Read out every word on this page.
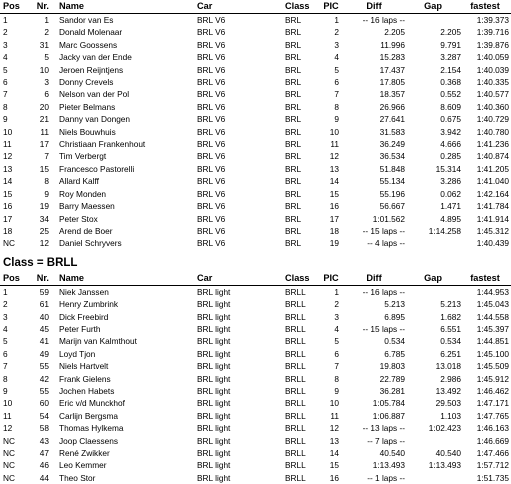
Pos	Nr.		Name	Car	Class	PIC	Diff	Gap	fastest
1	1		Sandor van Es	BRL V6	BRL	1	-- 16 laps --		1:39.373
2	2		Donald Molenaar	BRL V6	BRL	2	2.205	2.205	1:39.716
3	31		Marc Goossens	BRL V6	BRL	3	11.996	9.791	1:39.876
4	5		Jacky van der Ende	BRL V6	BRL	4	15.283	3.287	1:40.059
5	10		Jeroen Reijntjens	BRL V6	BRL	5	17.437	2.154	1:40.039
6	3		Donny Crevels	BRL V6	BRL	6	17.805	0.368	1:40.335
7	6		Nelson van der Pol	BRL V6	BRL	7	18.357	0.552	1:40.577
8	20		Pieter Belmans	BRL V6	BRL	8	26.966	8.609	1:40.360
9	21		Danny van Dongen	BRL V6	BRL	9	27.641	0.675	1:40.729
10	11		Niels Bouwhuis	BRL V6	BRL	10	31.583	3.942	1:40.780
11	17		Christiaan Frankenhout	BRL V6	BRL	11	36.249	4.666	1:41.236
12	7		Tim Verbergt	BRL V6	BRL	12	36.534	0.285	1:40.874
13	15		Francesco Pastorelli	BRL V6	BRL	13	51.848	15.314	1:41.205
14	8		Allard Kalff	BRL V6	BRL	14	55.134	3.286	1:41.040
15	9		Roy Monden	BRL V6	BRL	15	55.196	0.062	1:42.164
16	19		Barry Maessen	BRL V6	BRL	16	56.667	1.471	1:41.784
17	34		Peter Stox	BRL V6	BRL	17	1:01.562	4.895	1:41.914
18	25		Arend de Boer	BRL V6	BRL	18	-- 15 laps --	1:14.258	1:45.312
NC	12		Daniel Schryvers	BRL V6	BRL	19	-- 4 laps --		1:40.439
Class = BRLL
Pos	Nr.		Name	Car	Class	PIC	Diff	Gap	fastest
1	59		Niek Janssen	BRL light	BRLL	1	-- 16 laps --		1:44.953
2	61		Henry Zumbrink	BRL light	BRLL	2	5.213	5.213	1:45.043
3	40		Dick Freebird	BRL light	BRLL	3	6.895	1.682	1:44.558
4	45		Peter Furth	BRL light	BRLL	4	-- 15 laps --	6.551	1:45.397
5	41		Marijn van Kalmthout	BRL light	BRLL	5	0.534	0.534	1:44.851
6	49		Loyd Tjon	BRL light	BRLL	6	6.785	6.251	1:45.100
7	55		Niels Hartvelt	BRL light	BRLL	7	19.803	13.018	1:45.509
8	42		Frank Gielens	BRL light	BRLL	8	22.789	2.986	1:45.912
9	55		Jochen Habets	BRL light	BRLL	9	36.281	13.492	1:46.462
10	60		Eric v/d Munckhof	BRL light	BRLL	10	1:05.784	29.503	1:47.171
11	54		Carlijn Bergsma	BRL light	BRLL	11	1:06.887	1.103	1:47.765
12	58		Thomas Hylkema	BRL light	BRLL	12	-- 13 laps --	1:02.423	1:46.163
NC	43		Joop Claessens	BRL light	BRLL	13	-- 7 laps --		1:46.669
NC	47		René Zwikker	BRL light	BRLL	14	40.540	40.540	1:47.466
NC	46		Leo Kemmer	BRL light	BRLL	15	1:13.493	1:13.493	1:57.712
NC	44		Theo Stor	BRL light	BRLL	16	-- 1 laps --		1:51.735
